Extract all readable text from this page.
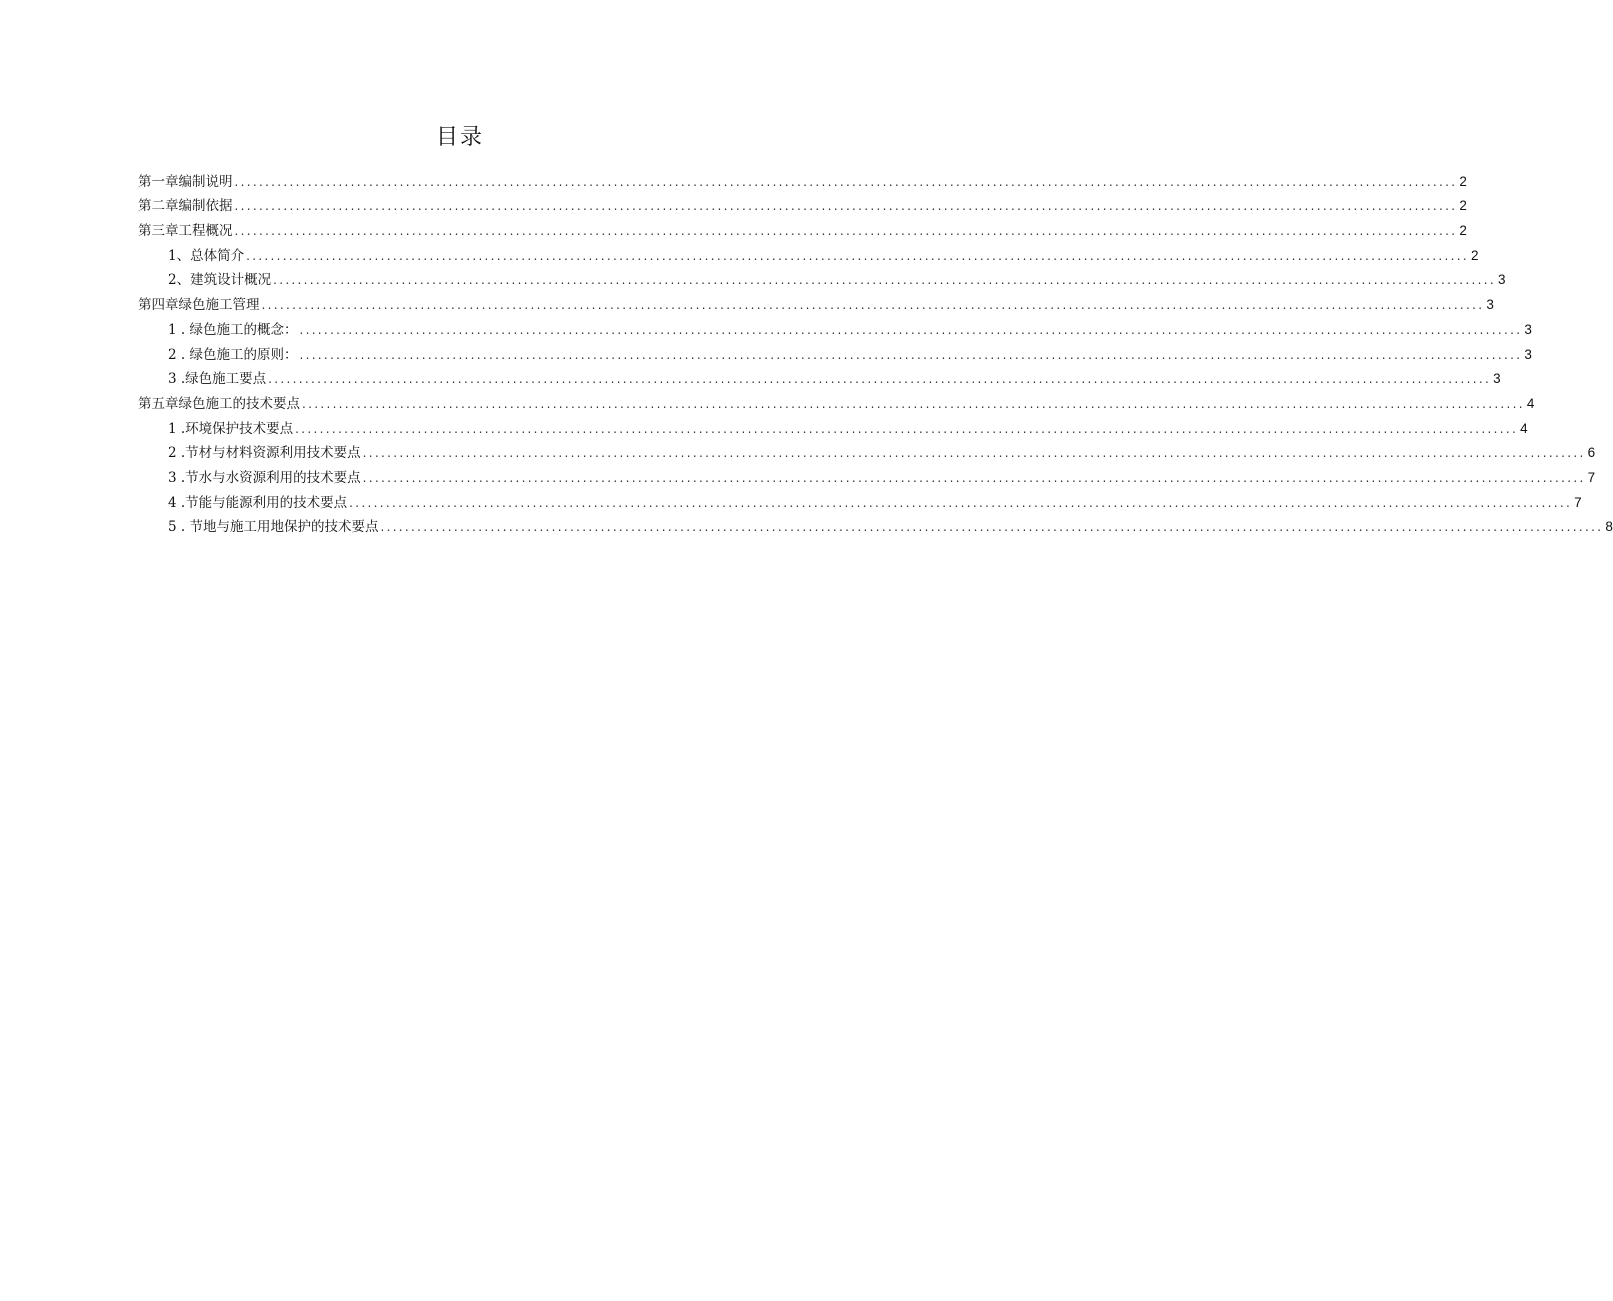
目录
第一章编制说明 ........................................................................................................................................................................................................ 2
第二章编制依据 ........................................................................................................................................................................................................ 2
第三章工程概况 ........................................................................................................................................................................................................ 2
1、总体简介 ........................................................................................................................................................................................................ 2
2、建筑设计概况 ........................................................................................................................................................................................................ 3
第四章绿色施工管理 ........................................................................................................................................................................................................ 3
1 . 绿色施工的概念： ........................................................................................................................................................................................................ 3
2 . 绿色施工的原则： ........................................................................................................................................................................................................ 3
3 .绿色施工要点 ........................................................................................................................................................................................................ 3
第五章绿色施工的技术要点 ........................................................................................................................................................................................................ 4
1 .环境保护技术要点 ........................................................................................................................................................................................................ 4
2 .节材与材料资源利用技术要点 ........................................................................................................................................................................................................ 6
3 .节水与水资源利用的技术要点 ........................................................................................................................................................................................................ 7
4 .节能与能源利用的技术要点 ........................................................................................................................................................................................................ 7
5 . 节地与施工用地保护的技术要点 ........................................................................................................................................................................................................ 8
